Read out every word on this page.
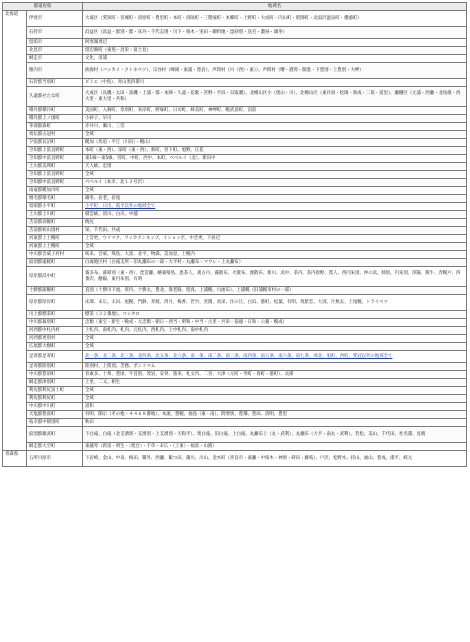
都道府県		地域名
北海道	伊達市	大滝区（愛知町・宮城町・清原町・豊里町・本町・清陵町・三階滝町・本郷町・上野町・大成町・円山町・昭園町・北湯沢温泉町・優徳町）
	石狩市	浜益区（浜益・群別・郡・床丹・千代志別・川下・柏木・実田・御料地・毘砂別・送毛・濃昼・雄冬）
	留萌市	阿寒湖周辺
	北見市	留辺蘂町（東苑・昌栄・富士見）
	網走市	文化、清浦
	稚内市	抜海村（バッカイ・クトネベツ）、宗谷村（峰岡・東浦・豊岩）、声問村（川（西）・東））、声問村（曙・港湾・開進・下豊別・上豊別・大岬）
	石狩郡当別町	ビトエ（中島）、青山奥四番川
	久遠郡せたな町	大成区（長磯・太田・富磯・上浦・都・本陣・久遠・花歌・宮野・平浜・貝取澗）、北檜山区小（奥山・川）、北檜山区（東丹羽・松岡・新成・二俣・富里）、瀬棚区（元浦・西瀬・北島歌・西大里・東大里・共和）
	積丹郡積丹町	美国町、入舸町、余別町、来岸町、野塚町、日司町、婦美町、神岬町、幌武意町、沼前
	積丹郡上ノ国町	小砂子、早川
	茅部郡森町	赤井川、濁川、三岱
	勇払郡占冠村	全域
	夕張郡長沼町	幌加（馬追・平丘（川向）・幌山）
	空知郡上富良野町	本町（東・西）、栄町（東・西）、新町、宮下町、旭野、江花
	空知郡中富良野町	東1線〜東5線、宮町、中町、西中、本町、ベベルイ（北）、新田中
	上川郡美瑛町	天人峡、忠別
	空知郡上富良野町	全域
	空知郡中富良野町	ベベルイ（本幸、北１３号沢）
	雨竜郡幌加内町	全域
	増毛郡増毛町	雄冬、岩老、岩尾
	留萌郡小平町	小平町、日出、霞平以外の地域全て
	上川郡上川町	層雲峡、清川、白川、中越
	苫前郡羽幌町	焼尻
	苫前郡初山別村	栄、千代田、共成
	河東郡上士幌町	上音更、ウリマク、ワッカクンネップ、イショッポ、中音更、下居辺
	河東郡上士幌町	全域
	中川郡音威子府村	咲来、音威、筬島、大富、北平、物満、美加登、上幌内
	紋別郡遠軽町	白滝地区村（白滝支所・旧丸瀬布の一部・大平村・丸瀬布・マウレ・上丸瀬布）
	厚岸郡浜中町	霧多布、暮帰別（東・西）、琵琶瀬、嶮暮帰島、恵茶人、羨古丹、藻散布、火散布、渡散布、新川、浜中、茶内、茶内原野、貰人、西円朱別、仲の浜、姉別、円朱別、厚陽、熊牛、奔幌戸、四番沢、酪陽、東円朱別、有明
	十勝郡浦幌町	直別（十勝川下流、厚内、十勝太、豊北、貴老路、留真、上浦幌、川流布）、上浦幌（旧浦幌市村の一部）
	厚岸郡厚岸町	床潭、末広、太田、尾幌、門静、奔渡、湾月、梅香、若竹、宮園、真栄、住の江、白浜、港町、松葉、有明、筑紫恋、大別、片無去、上尾幌、トライベツ
	川上郡標茶町	標茶（３２番地）、コッタロ
	中川郡幕別町	忠類（東宝・新生・晩成・元忠類・朝日・西当・明和・中当・古里・共栄・協徳・日和・公親・幌成）
	河西郡中札内村	上札内、南札内、札内、元札内、西札内、上中札内、南中札内
	河西郡更別村	全域
	広尾郡大樹町	全域
	足寄郡足寄町	北一条、北二条、北三条、北四条、北五条、北六条、南一条、南二条、南三条、南四条、南五条、南六条、南七条、郊北、旭町、西町、愛冠以外の地域全て
	足寄郡陸別町	陸別村、上陸別、苫務、ポントマム
	中川郡豊頃町	育素多、十弗、豊頃、牛首別、茂岩、安骨、旅来、礼文内、二宮、大津（元町・寿町・春町・港町）、長節
	網走郡津別町	上里、二又、相生
	利尻郡利尻富士町	全域
	利尻郡利尻町	全域
	中川郡中川町	富和
	天塩郡豊富町	有明、開示（その他・４４６８番地）、本流、豊幌、福島（東・南）、問寒別、豊畑、豊田、清明、豊里
	枝幸郡中頓別町	秋田
	紋別郡雄武町	下白滝、白滝（北支湧別・支湧別・上支湧別・天狗平）、奥白滝、旧白滝、上白滝、丸瀬布上（丸・武利）、丸瀬布（大平・南丸・武利）、若松、美山、千代田、社名淵、見晴
	網走郡大空町	東藻琴（新富・明生・（旭台）・千草・末広・（上東）・福富・山園）
青森県	五所川原市	下岩崎、金山、中泉、梅田、羅外、西瀬、飯つ田、藻川、川山、金木町（喜良市・嘉瀬・中柏木・神原・蒔田・藤枝）、戸沢、松野木、持山、福山、豊成、漆平、嵯元
